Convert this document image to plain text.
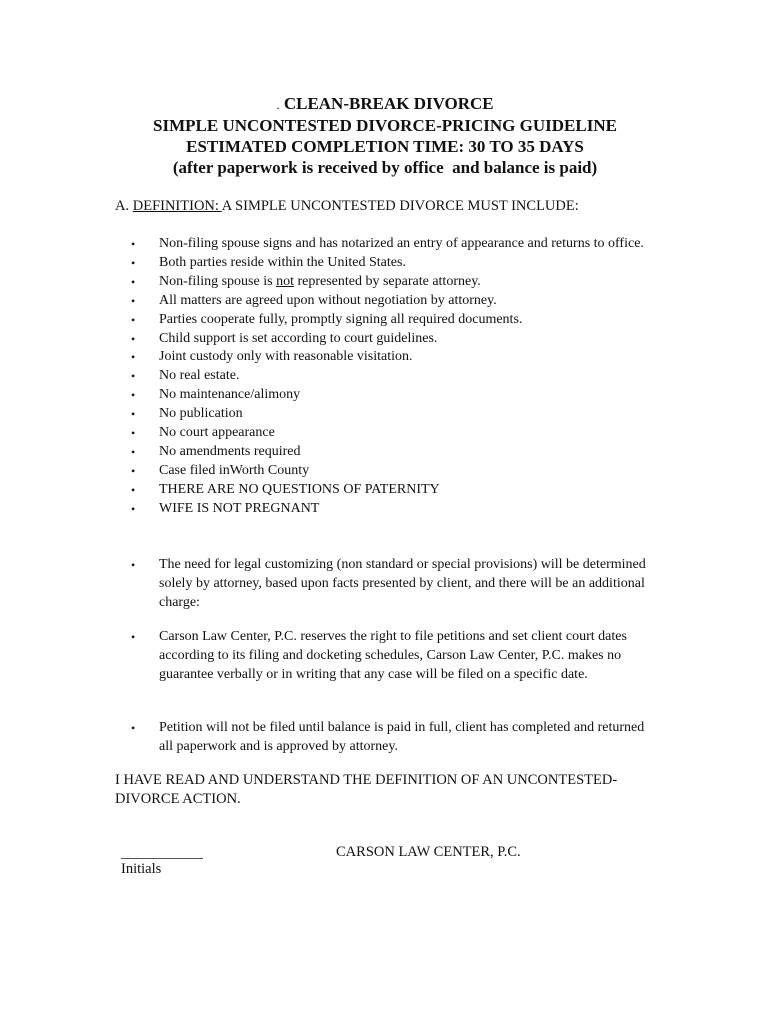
. CLEAN-BREAK DIVORCE
SIMPLE UNCONTESTED DIVORCE-PRICING GUIDELINE
ESTIMATED COMPLETION TIME: 30 TO 35 DAYS
(after paperwork is received by office  and balance is paid)
A. DEFINITION: A SIMPLE UNCONTESTED DIVORCE MUST INCLUDE:
• Non-filing spouse signs and has notarized an entry of appearance and returns to office.
• Both parties reside within the United States.
• Non-filing spouse is not represented by separate attorney.
• All matters are agreed upon without negotiation by attorney.
• Parties cooperate fully, promptly signing all required documents.
• Child support is set according to court guidelines.
• Joint custody only with reasonable visitation.
• No real estate.
• No maintenance/alimony
• No publication
• No court appearance
• No amendments required
• Case filed inWorth County
• THERE ARE NO QUESTIONS OF PATERNITY
• WIFE IS NOT PREGNANT
• The need for legal customizing (non standard or special provisions) will be determined solely by attorney, based upon facts presented by client, and there will be an additional charge:
• Carson Law Center, P.C. reserves the right to file petitions and set client court dates according to its filing and docketing schedules, Carson Law Center, P.C. makes no guarantee verbally or in writing that any case will be filed on a specific date.
• Petition will not be filed until balance is paid in full, client has completed and returned all paperwork and is approved by attorney.
I HAVE READ AND UNDERSTAND THE DEFINITION OF AN UNCONTESTED-DIVORCE ACTION.
CARSON LAW CENTER, P.C.
Initials
